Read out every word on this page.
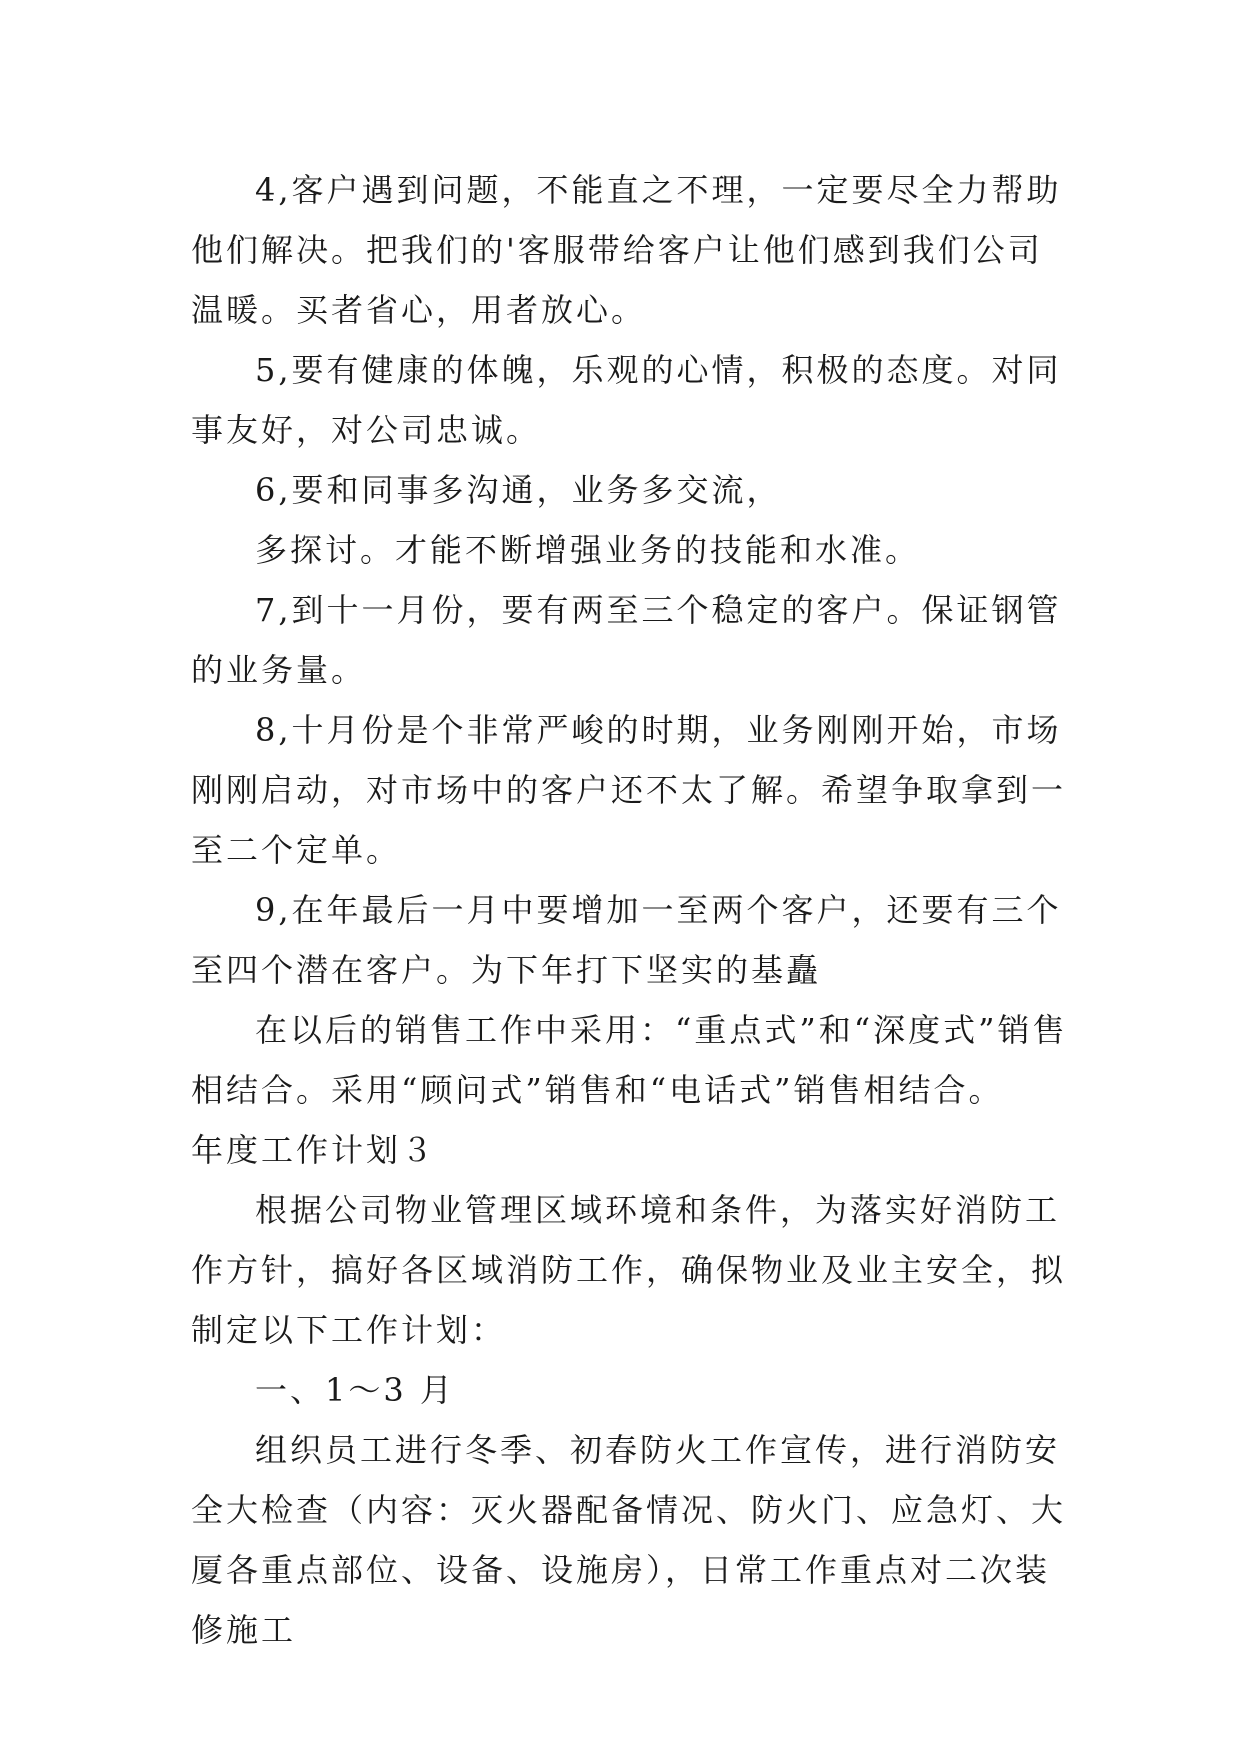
4,客户遇到问题，不能直之不理，一定要尽全力帮助他们解决。把我们的'客服带给客户让他们感到我们公司温暖。买者省心，用者放心。

5,要有健康的体魄，乐观的心情，积极的态度。对同事友好，对公司忠诚。

6,要和同事多沟通，业务多交流，

多探讨。才能不断增强业务的技能和水准。

7,到十一月份，要有两至三个稳定的客户。保证钢管的业务量。

8,十月份是个非常严峻的时期，业务刚刚开始，市场刚刚启动，对市场中的客户还不太了解。希望争取拿到一至二个定单。

9,在年最后一月中要增加一至两个客户，还要有三个至四个潜在客户。为下年打下坚实的基矗

在以后的销售工作中采用：“重点式”和“深度式”销售相结合。采用“顾问式”销售和“电话式”销售相结合。

年度工作计划３

根据公司物业管理区域环境和条件，为落实好消防工作方针，搞好各区域消防工作，确保物业及业主安全，拟制定以下工作计划：

一、1～3 月

组织员工进行冬季、初春防火工作宣传，进行消防安全大检查（内容：灭火器配备情况、防火门、应急灯、大厦各重点部位、设备、设施房），日常工作重点对二次装修施工
